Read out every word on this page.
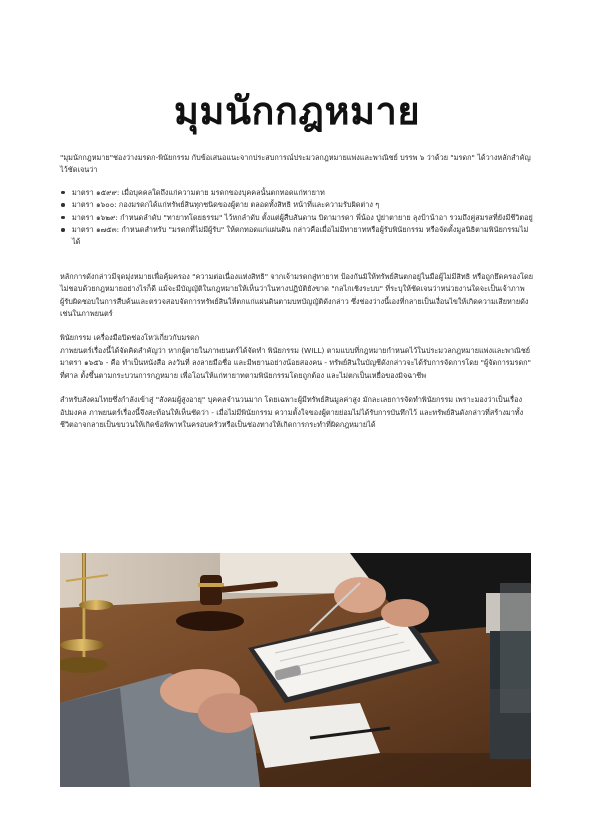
มุมนักกฎหมาย

"มุมนักกฎหมาย"ช่องว่างมรดก-พินัยกรรม กับข้อเสนอแนะจากประสบการณ์ประมวลกฎหมายแพ่งและพาณิชย์ บรรพ ๖ ว่าด้วย "มรดก" ได้วางหลักสำคัญไว้ชัดเจนว่า

มาตรา ๑๕๙๙: เมื่อบุคคลใดถึงแก่ความตาย มรดกของบุคคลนั้นตกทอดแก่ทายาท
มาตรา ๑๖๐๐: กองมรดกได้แก่ทรัพย์สินทุกชนิดของผู้ตาย ตลอดทั้งสิทธิ หน้าที่และความรับผิดต่าง ๆ
มาตรา ๑๖๒๙: กำหนดลำดับ "ทายาทโดยธรรม" ไว้หกลำดับ ตั้งแต่ผู้สืบสันดาน บิดามารดา พี่น้อง ปู่ย่าตายาย ลุงป้าน้าอา รวมถึงคู่สมรสที่ยังมีชีวิตอยู่
มาตรา ๑๗๕๓: กำหนดสำหรับ "มรดกที่ไม่มีผู้รับ" ให้ตกทอดแก่แผ่นดิน กล่าวคือเมื่อไม่มีทายาทหรือผู้รับพินัยกรรม หรือจัดตั้งมูลนิธิตามพินัยกรรมไม่ได้

หลักการดังกล่าวมีจุดมุ่งหมายเพื่อคุ้มครอง "ความต่อเนื่องแห่งสิทธิ" จากเจ้ามรดกสู่ทายาท ป้องกันมิให้ทรัพย์สินตกอยู่ในมือผู้ไม่มีสิทธิ หรือถูกยึดครองโดยไม่ชอบด้วยกฎหมายอย่างไรก็ดี แม้จะมีบัญญัติในกฎหมายให้เห็นว่าในทางปฏิบัติยังขาด "กลไกเชิงระบบ" ที่ระบุให้ชัดเจนว่าหน่วยงานใดจะเป็นเจ้าภาพผู้รับผิดชอบในการสืบค้นและตรวจสอบจัดการทรัพย์สินให้ตกแก่แผ่นดินตามบทบัญญัติดังกล่าว ซึ่งช่องว่างนี้เองที่กลายเป็นเงื่อนไขให้เกิดความเสียหายดังเช่นในภาพยนตร์

พินัยกรรม เครื่องมือปิดช่องโหว่เกี่ยวกับมรดก

ภาพยนตร์เรื่องนี้ได้จัดคิดสำคัญว่า หากผู้ตายในภาพยนตร์ได้จัดทำ พินัยกรรม (WILL) ตามแบบที่กฎหมายกำหนดไว้ในประมวลกฎหมายแพ่งและพาณิชย์มาตรา ๑๖๕๖ - คือ ทำเป็นหนังสือ ลงวันที่ ลงลายมือชื่อ และมีพยานอย่างน้อยสองคน - ทรัพย์สินในบัญชีดังกล่าวจะได้รับการจัดการโดย "ผู้จัดการมรดก" ที่ศาล ตั้งขึ้นตามกระบวนการกฎหมาย เพื่อโอนให้แก่ทายาทตามพินัยกรรมโดยถูกต้อง และไม่ตกเป็นเหยื่อของมิจฉาชีพ

สำหรับสังคมไทยซึ่งกำลังเข้าสู่ "สังคมผู้สูงอายุ" บุคคลจำนวนมาก โดยเฉพาะผู้มีทรัพย์สินมูลค่าสูง มักละเลยการจัดทำพินัยกรรม เพราะมองว่าเป็นเรื่องอัปมงคล ภาพยนตร์เรื่องนี้จึงสะท้อนให้เห็นชัดว่า - เมื่อไม่มีพินัยกรรม ความตั้งใจของผู้ตายย่อมไม่ได้รับการบันทึกไว้ และทรัพย์สินดังกล่าวที่สร้างมาทั้งชีวิตอาจกลายเป็นขบวนให้เกิดข้อพิพาทในครอบครัวหรือเป็นช่องทางให้เกิดการกระทำที่ผิดกฎหมายได้
